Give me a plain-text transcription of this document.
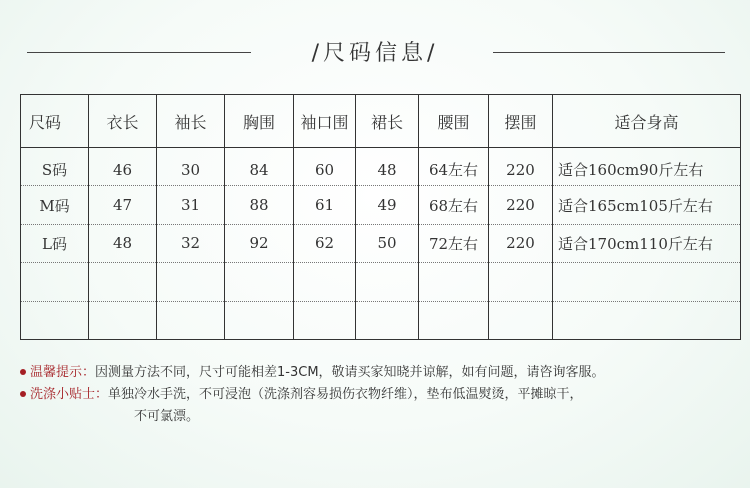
/尺码信息/
尺码	衣长	袖长	胸围	袖口围	裙长	腰围	摆围	适合身高
S码	46	30	84	60	48	64左右	220	适合160cm90斤左右
M码	47	31	88	61	49	68左右	220	适合165cm105斤左右
L码	48	32	92	62	50	72左右	220	适合170cm110斤左右

温馨提示：因测量方法不同，尺寸可能相差1-3CM，敬请买家知晓并谅解，如有问题，请咨询客服。
洗涤小贴士：单独冷水手洗，不可浸泡（洗涤剂容易损伤衣物纤维），垫布低温熨烫，平摊晾干，
不可氯漂。
